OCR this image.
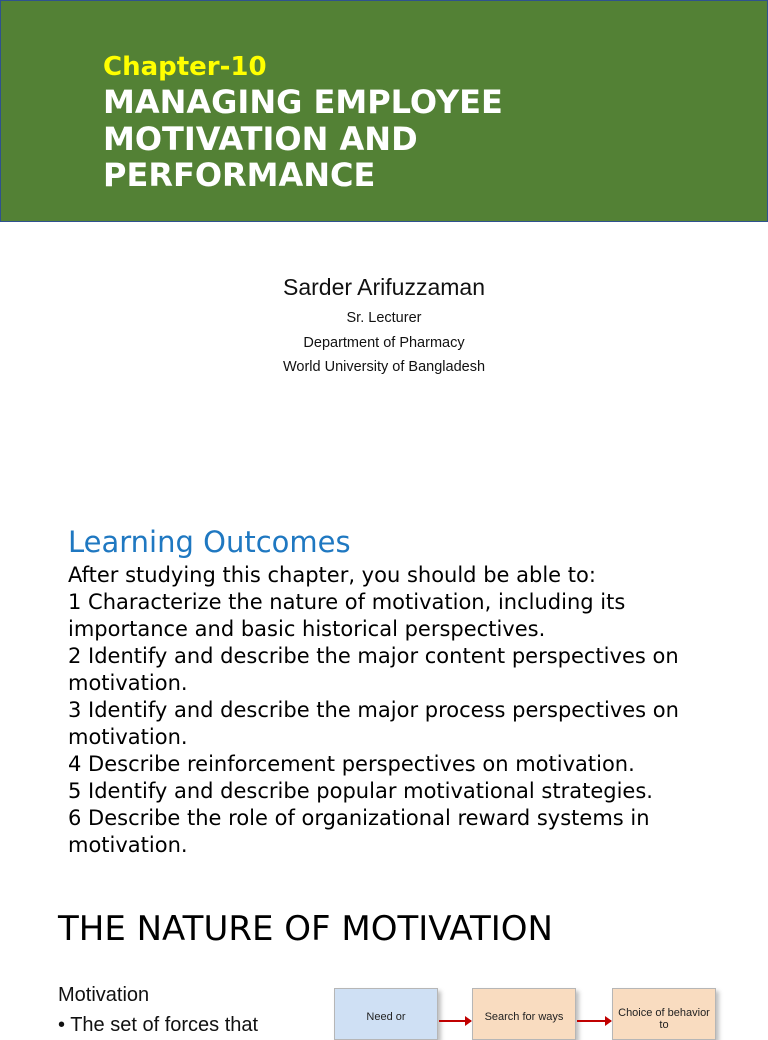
Chapter-10
MANAGING EMPLOYEE MOTIVATION AND PERFORMANCE
Sarder Arifuzzaman
Sr. Lecturer
Department of Pharmacy
World University of Bangladesh
Learning Outcomes
After studying this chapter, you should be able to:
1 Characterize the nature of motivation, including its importance and basic historical perspectives.
2 Identify and describe the major content perspectives on motivation.
3 Identify and describe the major process perspectives on motivation.
4 Describe reinforcement perspectives on motivation.
5 Identify and describe popular motivational strategies.
6 Describe the role of organizational reward systems in motivation.
THE NATURE OF MOTIVATION
Motivation
• The set of forces that	Need or	Search for ways	Choice of behavior to
